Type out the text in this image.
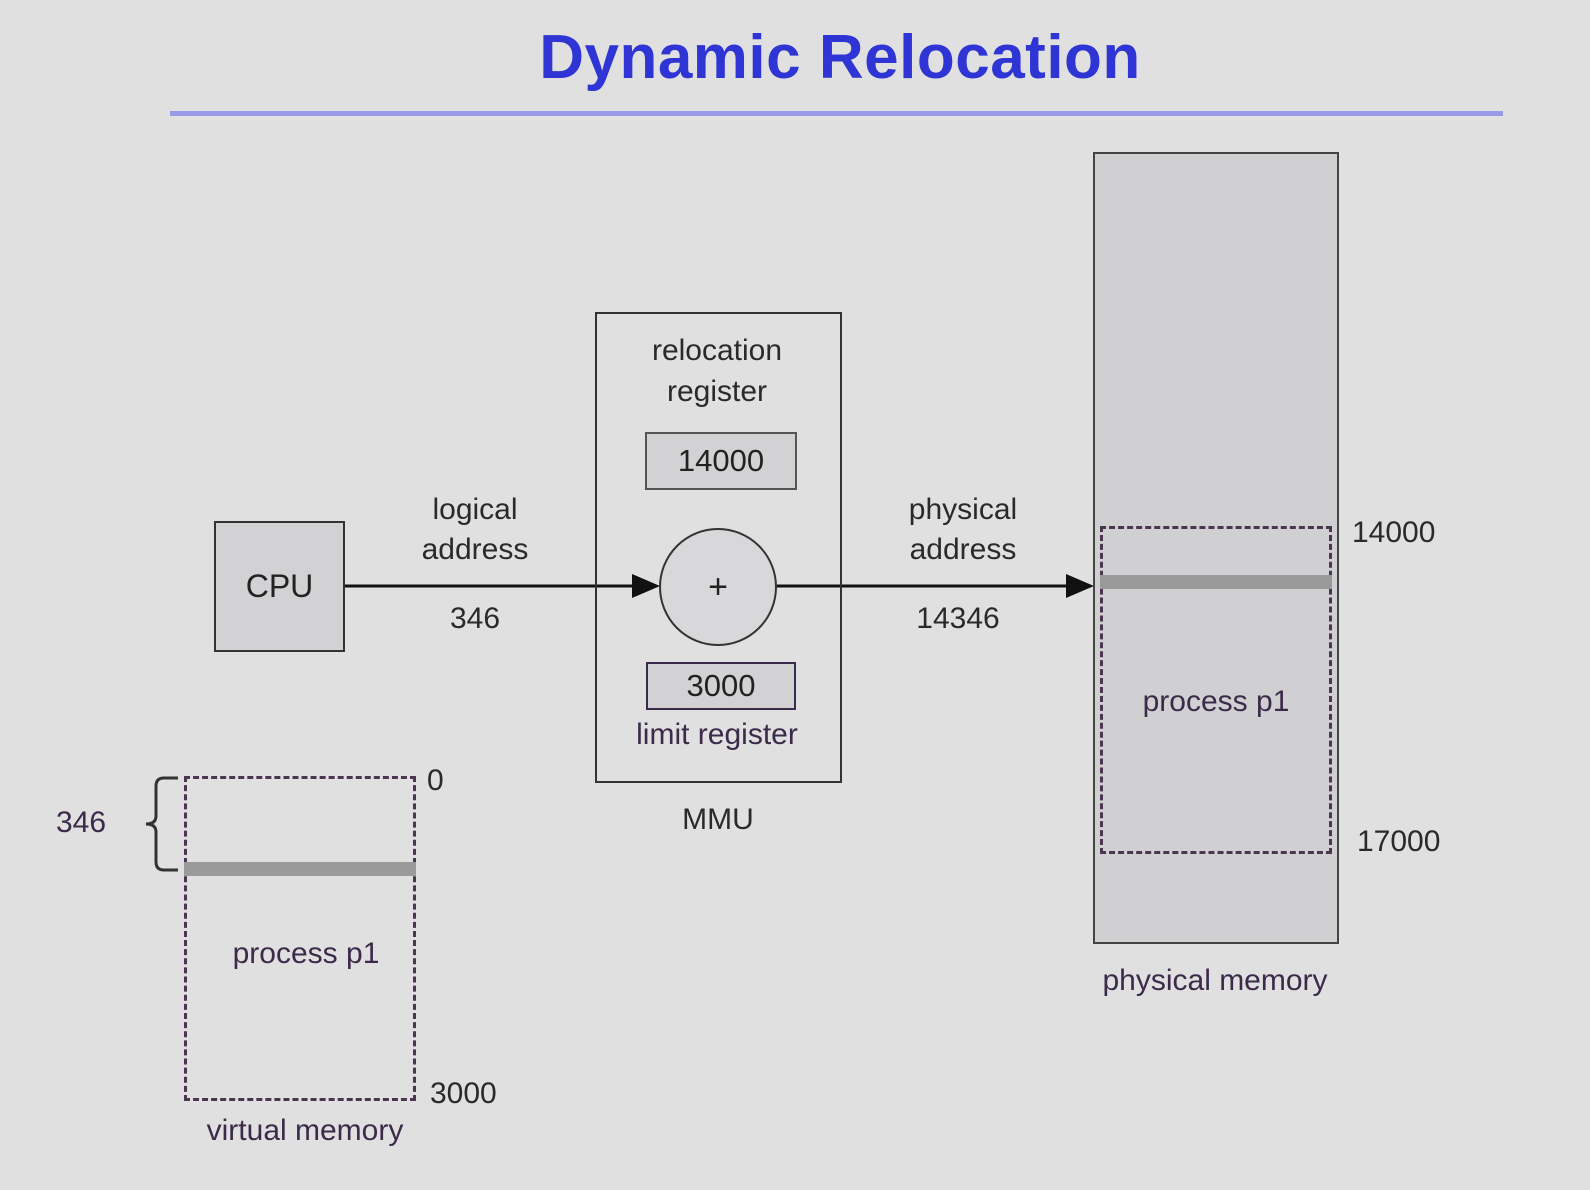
Dynamic Relocation
CPU
logical
address
346
relocation
register
14000
+
3000
limit register
MMU
physical
address
14346
process p1
14000
17000
physical memory
process p1
0
3000
346
virtual memory
